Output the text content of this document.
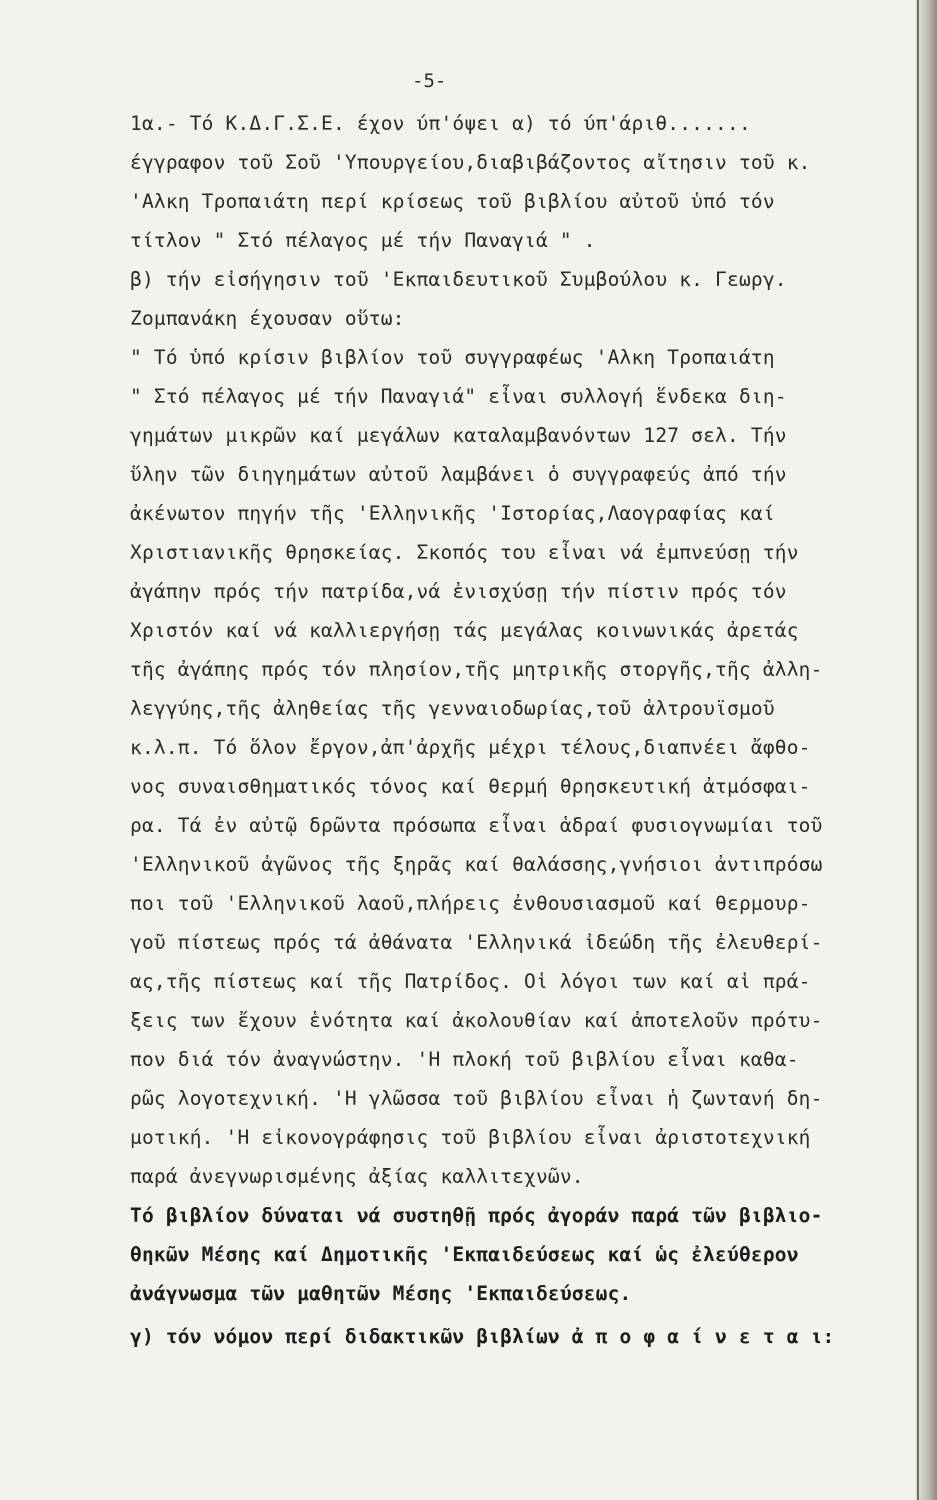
-5-
1α.- Τό Κ.Δ.Γ.Σ.Ε. έχον ύπ'όψει α) τό ύπ'άριθ.......
έγγραφον τοῦ Σοῦ 'Υπουργείου,διαβιβάζοντος αἴτησιν τοῦ κ.
'Αλκη Τροπαιάτη περί κρίσεως τοῦ βιβλίου αὐτοῦ ὑπό τόν
τίτλον " Στό πέλαγος μέ τήν Παναγιά " .
β) τήν εἰσήγησιν τοῦ 'Εκπαιδευτικοῦ Συμβούλου κ. Γεωργ.
Ζομπανάκη έχουσαν οὕτω:
" Τό ὑπό κρίσιν βιβλίον τοῦ συγγραφέως 'Αλκη Τροπαιάτη
" Στό πέλαγος μέ τήν Παναγιά" εἶναι συλλογή ἕνδεκα διη-
γημάτων μικρῶν καί μεγάλων καταλαμβανόντων 127 σελ. Τήν
ὕλην τῶν διηγημάτων αὐτοῦ λαμβάνει ὁ συγγραφεύς ἀπό τήν
ἀκένωτον πηγήν τῆς 'Ελληνικῆς 'Ιστορίας,Λαογραφίας καί
Χριστιανικῆς θρησκείας. Σκοπός του εἶναι νά ἐμπνεύσῃ τήν
ἀγάπην πρός τήν πατρίδα,νά ἐνισχύσῃ τήν πίστιν πρός τόν
Χριστόν καί νά καλλιεργήσῃ τάς μεγάλας κοινωνικάς ἀρετάς
τῆς ἀγάπης πρός τόν πλησίον,τῆς μητρικῆς στοργῆς,τῆς ἀλλη-
λεγγύης,τῆς ἀληθείας τῆς γενναιοδωρίας,τοῦ ἀλτρουϊσμοῦ
κ.λ.π. Τό ὅλον ἔργον,ἀπ'ἀρχῆς μέχρι τέλους,διαπνέει ἄφθο-
νος συναισθηματικός τόνος καί θερμή θρησκευτική ἀτμόσφαι-
ρα. Τά ἐν αὐτῷ δρῶντα πρόσωπα εἶναι ἁδραί φυσιογνωμίαι τοῦ
'Ελληνικοῦ ἀγῶνος τῆς ξηρᾶς καί θαλάσσης,γνήσιοι ἀντιπρόσω
ποι τοῦ 'Ελληνικοῦ λαοῦ,πλήρεις ἐνθουσιασμοῦ καί θερμουρ-
γοῦ πίστεως πρός τά ἀθάνατα 'Ελληνικά ἰδεώδη τῆς ἐλευθερί-
ας,τῆς πίστεως καί τῆς Πατρίδος. Οἱ λόγοι των καί αἱ πρά-
ξεις των ἔχουν ἑνότητα καί ἀκολουθίαν καί ἀποτελοῦν πρότυ-
πον διά τόν ἀναγνώστην. 'Η πλοκή τοῦ βιβλίου εἶναι καθα-
ρῶς λογοτεχνική. 'Η γλῶσσα τοῦ βιβλίου εἶναι ἡ ζωντανή δη-
μοτική. 'Η εἰκονογράφησις τοῦ βιβλίου εἶναι ἀριστοτεχνική
παρά ἀνεγνωρισμένης ἀξίας καλλιτεχνῶν.
Τό βιβλίον δύναται νά συστηθῇ πρός ἀγοράν παρά τῶν βιβλιο-
θηκῶν Μέσης καί Δημοτικῆς 'Εκπαιδεύσεως καί ὡς ἐλεύθερον
ἀνάγνωσμα τῶν μαθητῶν Μέσης 'Εκπαιδεύσεως.
γ) τόν νόμον περί διδακτικῶν βιβλίων ἀ π ο φ α ί ν ε τ α ι:
